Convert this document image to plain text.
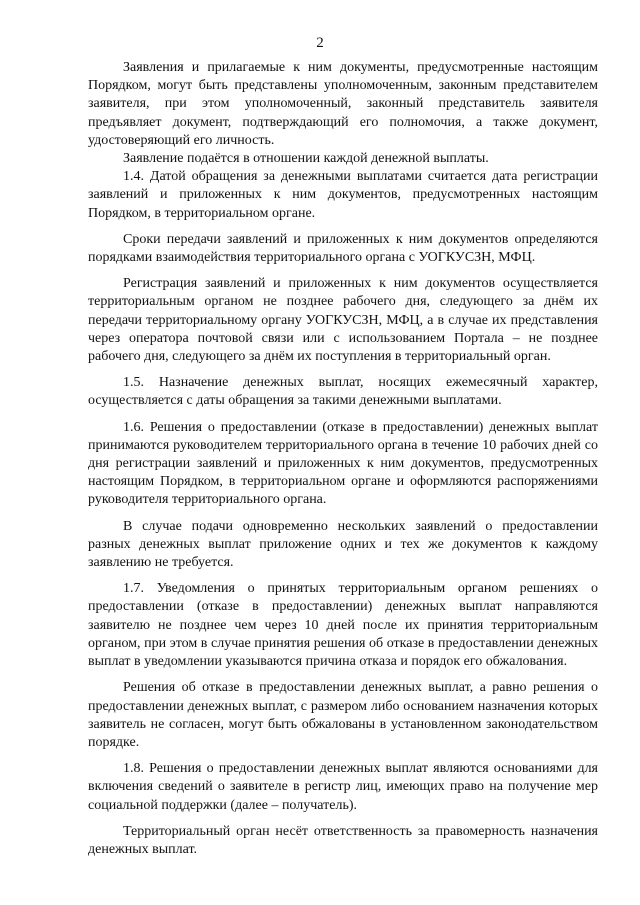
2

Заявления и прилагаемые к ним документы, предусмотренные настоящим Порядком, могут быть представлены уполномоченным, законным представителем заявителя, при этом уполномоченный, законный представитель заявителя предъявляет документ, подтверждающий его полномочия, а также документ, удостоверяющий его личность.

Заявление подаётся в отношении каждой денежной выплаты.

1.4. Датой обращения за денежными выплатами считается дата регистрации заявлений и приложенных к ним документов, предусмотренных настоящим Порядком, в территориальном органе.

Сроки передачи заявлений и приложенных к ним документов определяются порядками взаимодействия территориального органа с УОГКУСЗН, МФЦ.

Регистрация заявлений и приложенных к ним документов осуществляется территориальным органом не позднее рабочего дня, следующего за днём их передачи территориальному органу УОГКУСЗН, МФЦ, а в случае их представления через оператора почтовой связи или с использованием Портала – не позднее рабочего дня, следующего за днём их поступления в территориальный орган.

1.5. Назначение денежных выплат, носящих ежемесячный характер, осуществляется с даты обращения за такими денежными выплатами.

1.6. Решения о предоставлении (отказе в предоставлении) денежных выплат принимаются руководителем территориального органа в течение 10 рабочих дней со дня регистрации заявлений и приложенных к ним документов, предусмотренных настоящим Порядком, в территориальном органе и оформляются распоряжениями руководителя территориального органа.

В случае подачи одновременно нескольких заявлений о предоставлении разных денежных выплат приложение одних и тех же документов к каждому заявлению не требуется.

1.7. Уведомления о принятых территориальным органом решениях о предоставлении (отказе в предоставлении) денежных выплат направляются заявителю не позднее чем через 10 дней после их принятия территориальным органом, при этом в случае принятия решения об отказе в предоставлении денежных выплат в уведомлении указываются причина отказа и порядок его обжалования.

Решения об отказе в предоставлении денежных выплат, а равно решения о предоставлении денежных выплат, с размером либо основанием назначения которых заявитель не согласен, могут быть обжалованы в установленном законодательством порядке.

1.8. Решения о предоставлении денежных выплат являются основаниями для включения сведений о заявителе в регистр лиц, имеющих право на получение мер социальной поддержки (далее – получатель).

Территориальный орган несёт ответственность за правомерность назначения денежных выплат.
